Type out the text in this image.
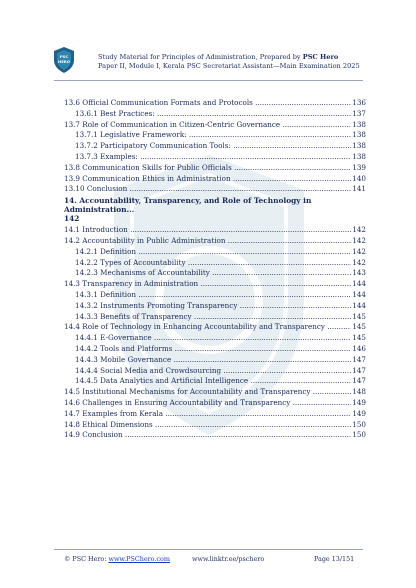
PSC
HERO
Study Material for Principles of Administration, Prepared by PSC Hero
Paper II, Module I, Kerala PSC Secretariat Assistant—Main Examination 2025
13.6 Official Communication Formats and Protocols .....	136
13.6.1 Best Practices: .....	137
13.7 Role of Communication in Citizen-Centric Governance .....	138
13.7.1 Legislative Framework: .....	138
13.7.2 Participatory Communication Tools: .....	138
13.7.3 Examples: .....	138
13.8 Communication Skills for Public Officials .....	139
13.9 Communication Ethics in Administration .....	140
13.10 Conclusion .....	141
14. Accountability, Transparency, and Role of Technology in Administration...
142
14.1 Introduction .....	142
14.2 Accountability in Public Administration .....	142
14.2.1 Definition .....	142
14.2.2 Types of Accountability .....	142
14.2.3 Mechanisms of Accountability .....	143
14.3 Transparency in Administration .....	144
14.3.1 Definition .....	144
14.3.2 Instruments Promoting Transparency .....	144
14.3.3 Benefits of Transparency .....	145
14.4 Role of Technology in Enhancing Accountability and Transparency .....	145
14.4.1 E-Governance .....	145
14.4.2 Tools and Platforms .....	146
14.4.3 Mobile Governance .....	147
14.4.4 Social Media and Crowdsourcing .....	147
14.4.5 Data Analytics and Artificial Intelligence .....	147
14.5 Institutional Mechanisms for Accountability and Transparency .....	148
14.6 Challenges in Ensuring Accountability and Transparency .....	149
14.7 Examples from Kerala .....	149
14.8 Ethical Dimensions .....	150
14.9 Conclusion .....	150
© PSC Hero: www.PSChero.com	www.linktr.ee/pschero	Page 13/151
